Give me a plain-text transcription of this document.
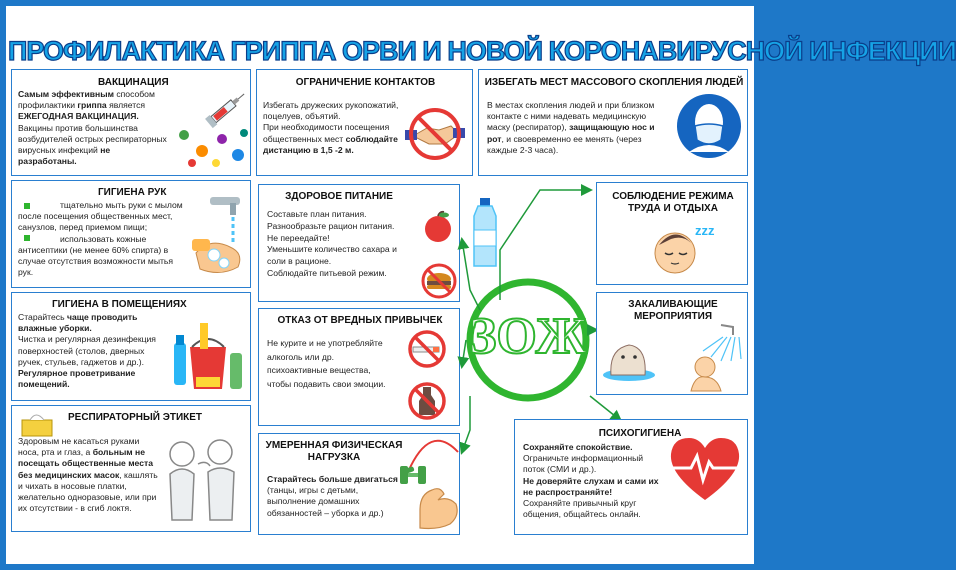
ПРОФИЛАКТИКА ГРИППА ОРВИ И НОВОЙ КОРОНАВИРУСНОЙ ИНФЕКЦИИ
ВАКЦИНАЦИЯ
Самым эффективным способом профилактики гриппа является ЕЖЕГОДНАЯ ВАКЦИНАЦИЯ. Вакцины против большинства возбудителей острых респираторных вирусных инфекций не разработаны.
ОГРАНИЧЕНИЕ КОНТАКТОВ
Избегать дружеских рукопожатий, поцелуев, объятий.
При необходимости посещения общественных мест соблюдайте дистанцию в 1,5 -2 м.
ИЗБЕГАТЬ МЕСТ МАССОВОГО СКОПЛЕНИЯ ЛЮДЕЙ
В местах скопления людей и при близком контакте с ними надевать медицинскую маску (респиратор), защищающую нос и рот, и своевременно ее менять (через каждые 2-3 часа).
ГИГИЕНА РУК
тщательно мыть руки с мылом после посещения общественных мест, санузлов, перед приемом пищи;
использовать кожные антисептики (не менее 60% спирта) в случае отсутствия возможности мытья рук.
ГИГИЕНА В ПОМЕЩЕНИЯХ
Старайтесь чаще проводить влажные уборки.
Чистка и регулярная дезинфекция поверхностей (столов, дверных ручек, стульев, гаджетов и др.).
Регулярное проветривание помещений.
РЕСПИРАТОРНЫЙ ЭТИКЕТ
Здоровым не касаться руками носа, рта и глаз, а больным не посещать общественные места без медицинских масок, кашлять и чихать в носовые платки, желательно одноразовые, или при их отсутствии - в сгиб локтя.
ЗДОРОВОЕ ПИТАНИЕ
Составьте план питания.
Разнообразьте рацион питания.
Не переедайте!
Уменьшите количество сахара и соли в рационе.
Соблюдайте питьевой режим.
ОТКАЗ ОТ ВРЕДНЫХ ПРИВЫЧЕК
Не курите и не употребляйте алкоголь или др. психоактивные вещества, чтобы подавить свои эмоции.
УМЕРЕННАЯ ФИЗИЧЕСКАЯ НАГРУЗКА
Старайтесь больше двигаться (танцы, игры с детьми, выполнение домашних обязанностей – уборка и др.)
ЗОЖ
СОБЛЮДЕНИЕ РЕЖИМА ТРУДА И ОТДЫХА
zzz
ЗАКАЛИВАЮЩИЕ МЕРОПРИЯТИЯ
ПСИХОГИГИЕНА
Сохраняйте спокойствие.
Ограничьте информационный поток (СМИ и др.).
Не доверяйте слухам и сами их не распространяйте!
Сохраняйте привычный круг общения, общайтесь онлайн.
